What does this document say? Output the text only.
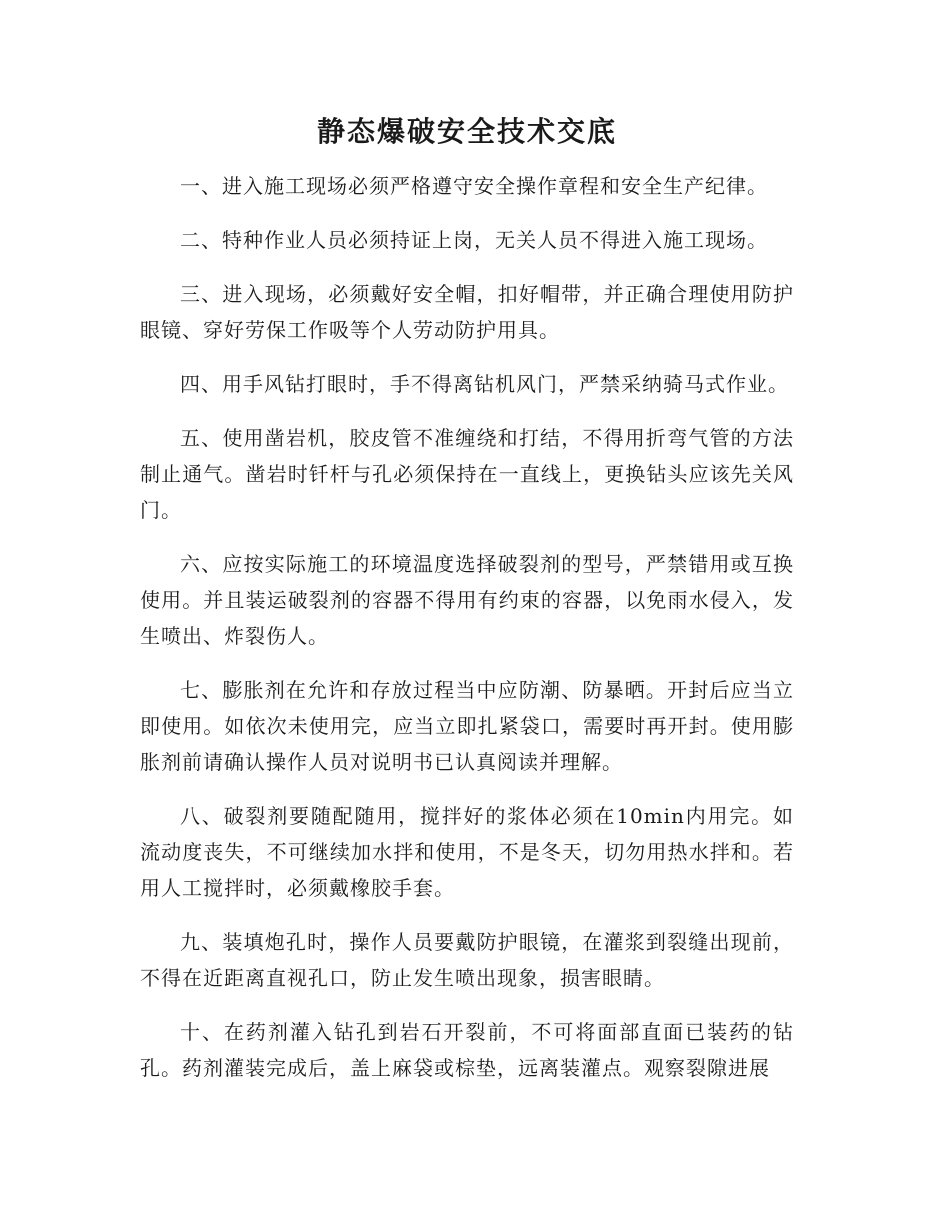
静态爆破安全技术交底

一、进入施工现场必须严格遵守安全操作章程和安全生产纪律。

二、特种作业人员必须持证上岗，无关人员不得进入施工现场。

三、进入现场，必须戴好安全帽，扣好帽带，并正确合理使用防护眼镜、穿好劳保工作吸等个人劳动防护用具。

四、用手风钻打眼时，手不得离钻机风门，严禁采纳骑马式作业。

五、使用凿岩机，胶皮管不准缠绕和打结，不得用折弯气管的方法制止通气。凿岩时钎杆与孔必须保持在一直线上，更换钻头应该先关风门。

六、应按实际施工的环境温度选择破裂剂的型号，严禁错用或互换使用。并且装运破裂剂的容器不得用有约束的容器，以免雨水侵入，发生喷出、炸裂伤人。

七、膨胀剂在允许和存放过程当中应防潮、防暴晒。开封后应当立即使用。如依次未使用完，应当立即扎紧袋口，需要时再开封。使用膨胀剂前请确认操作人员对说明书已认真阅读并理解。

八、破裂剂要随配随用，搅拌好的浆体必须在10min内用完。如流动度丧失，不可继续加水拌和使用，不是冬天，切勿用热水拌和。若用人工搅拌时，必须戴橡胶手套。

九、装填炮孔时，操作人员要戴防护眼镜，在灌浆到裂缝出现前，不得在近距离直视孔口，防止发生喷出现象，损害眼睛。

十、在药剂灌入钻孔到岩石开裂前，不可将面部直面已装药的钻孔。药剂灌装完成后，盖上麻袋或棕垫，远离装灌点。观察裂隙进展
